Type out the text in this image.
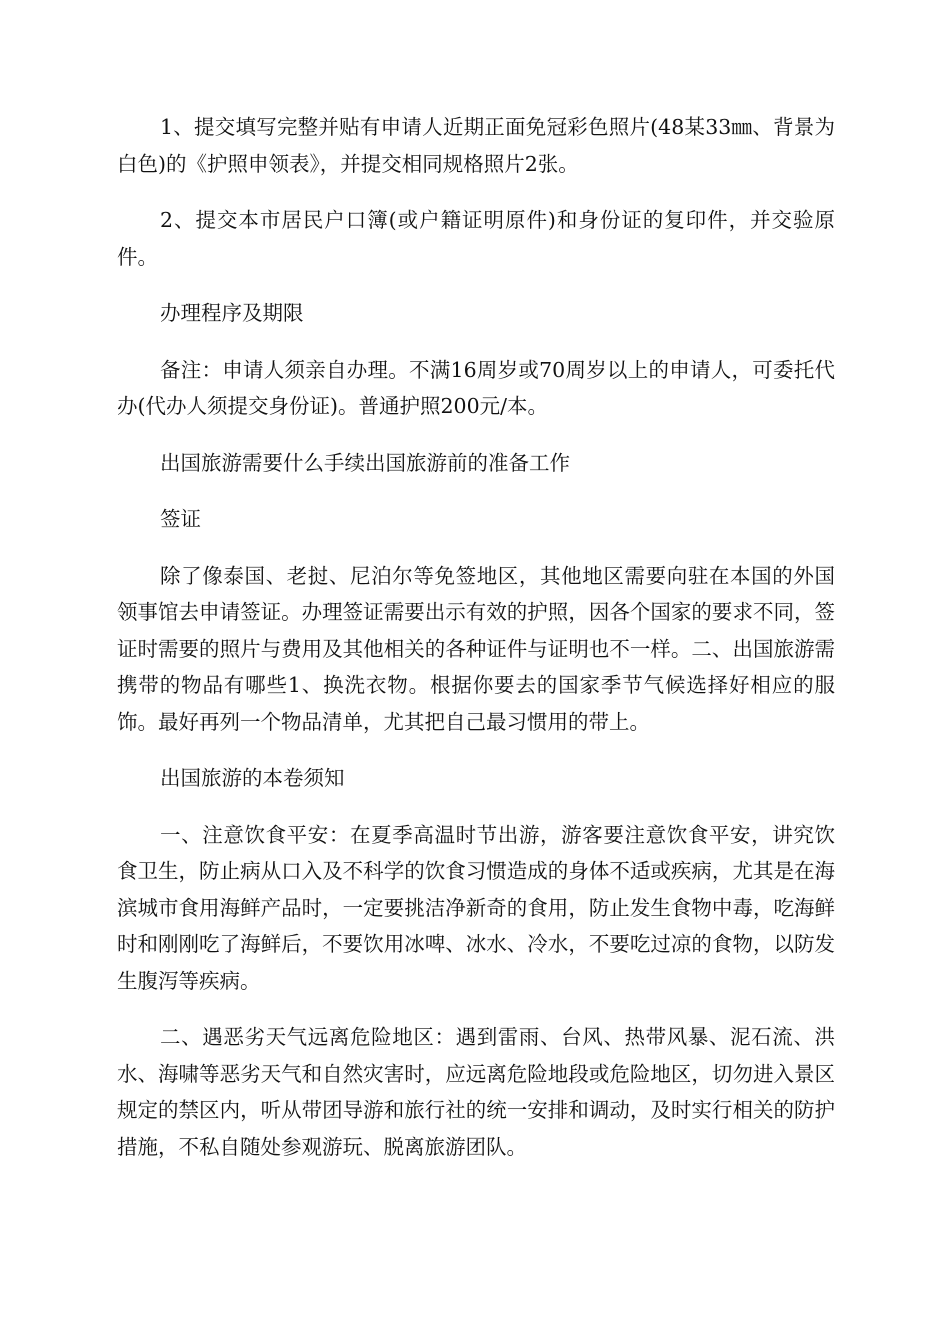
1、提交填写完整并贴有申请人近期正面免冠彩色照片(48某33㎜、背景为白色)的《护照申领表》，并提交相同规格照片2张。

2、提交本市居民户口簿(或户籍证明原件)和身份证的复印件，并交验原件。

办理程序及期限

备注：申请人须亲自办理。不满16周岁或70周岁以上的申请人，可委托代办(代办人须提交身份证)。普通护照200元/本。

出国旅游需要什么手续出国旅游前的准备工作

签证

除了像泰国、老挝、尼泊尔等免签地区，其他地区需要向驻在本国的外国领事馆去申请签证。办理签证需要出示有效的护照，因各个国家的要求不同，签证时需要的照片与费用及其他相关的各种证件与证明也不一样。二、出国旅游需携带的物品有哪些1、换洗衣物。根据你要去的国家季节气候选择好相应的服饰。最好再列一个物品清单，尤其把自己最习惯用的带上。

出国旅游的本卷须知

一、注意饮食平安：在夏季高温时节出游，游客要注意饮食平安，讲究饮食卫生，防止病从口入及不科学的饮食习惯造成的身体不适或疾病，尤其是在海滨城市食用海鲜产品时，一定要挑洁净新奇的食用，防止发生食物中毒，吃海鲜时和刚刚吃了海鲜后，不要饮用冰啤、冰水、冷水，不要吃过凉的食物，以防发生腹泻等疾病。

二、遇恶劣天气远离危险地区：遇到雷雨、台风、热带风暴、泥石流、洪水、海啸等恶劣天气和自然灾害时，应远离危险地段或危险地区，切勿进入景区规定的禁区内，听从带团导游和旅行社的统一安排和调动，及时实行相关的防护措施，不私自随处参观游玩、脱离旅游团队。
